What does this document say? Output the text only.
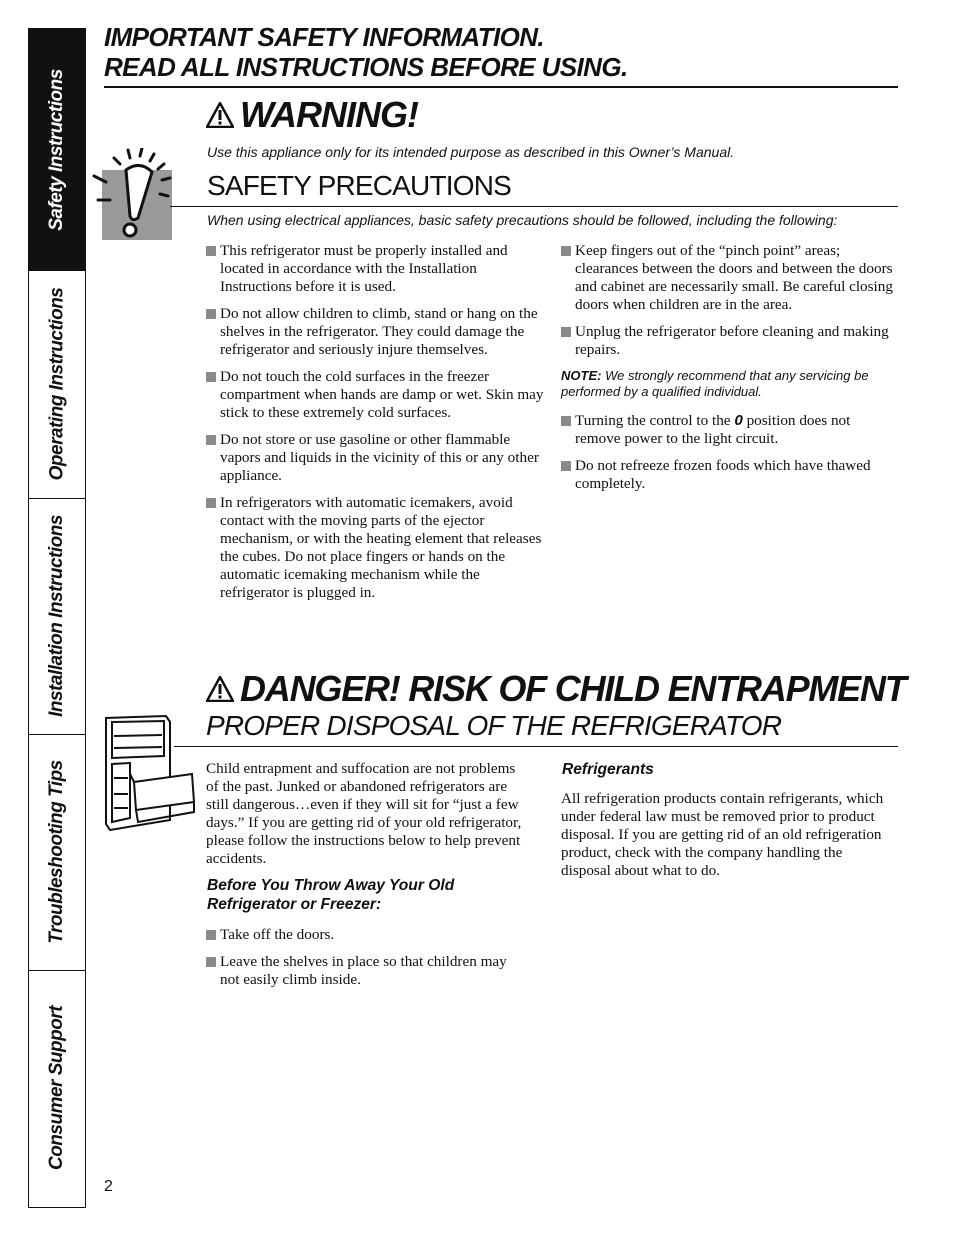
Safety Instructions
Operating Instructions
Installation Instructions
Troubleshooting Tips
Consumer Support
IMPORTANT SAFETY INFORMATION.
READ ALL INSTRUCTIONS BEFORE USING.
WARNING!
Use this appliance only for its intended purpose as described in this Owner’s Manual.
SAFETY PRECAUTIONS
When using electrical appliances, basic safety precautions should be followed, including the following:
This refrigerator must be properly installed and located in accordance with the Installation Instructions before it is used.
Do not allow children to climb, stand or hang on the shelves in the refrigerator. They could damage the refrigerator and seriously injure themselves.
Do not touch the cold surfaces in the freezer compartment when hands are damp or wet. Skin may stick to these extremely cold surfaces.
Do not store or use gasoline or other flammable vapors and liquids in the vicinity of this or any other appliance.
In refrigerators with automatic icemakers, avoid contact with the moving parts of the ejector mechanism, or with the heating element that releases the cubes. Do not place fingers or hands on the automatic icemaking mechanism while the refrigerator is plugged in.
Keep fingers out of the “pinch point” areas; clearances between the doors and between the doors and cabinet are necessarily small. Be careful closing doors when children are in the area.
Unplug the refrigerator before cleaning and making repairs.
NOTE: We strongly recommend that any servicing be performed by a qualified individual.
Turning the control to the 0 position does not remove power to the light circuit.
Do not refreeze frozen foods which have thawed completely.
DANGER! RISK OF CHILD ENTRAPMENT
PROPER DISPOSAL OF THE REFRIGERATOR
Child entrapment and suffocation are not problems of the past. Junked or abandoned refrigerators are still dangerous…even if they will sit for “just a few days.” If you are getting rid of your old refrigerator, please follow the instructions below to help prevent accidents.
Before You Throw Away Your Old
Refrigerator or Freezer:
Take off the doors.
Leave the shelves in place so that children may not easily climb inside.
Refrigerants
All refrigeration products contain refrigerants, which under federal law must be removed prior to product disposal. If you are getting rid of an old refrigeration product, check with the company handling the disposal about what to do.
2
